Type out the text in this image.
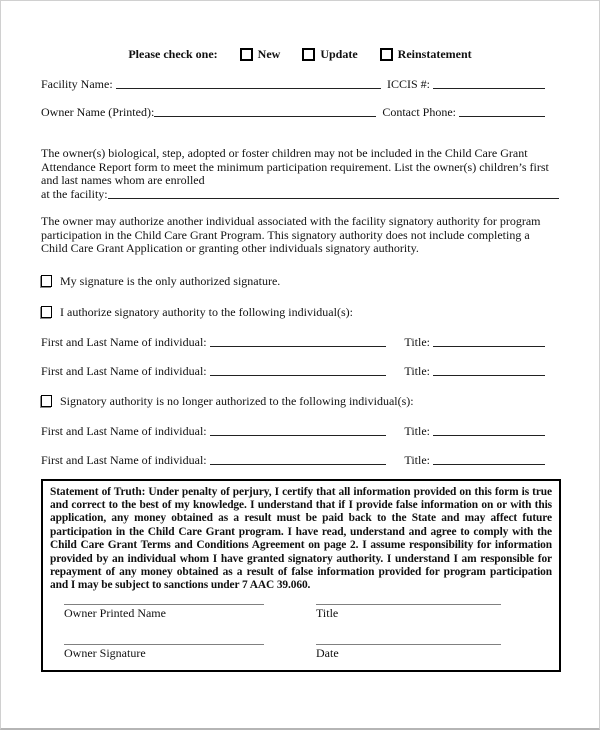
Please check one:	New	Update	Reinstatement
Facility Name:	ICCIS #:
Owner Name (Printed):	Contact Phone:
The owner(s) biological, step, adopted or foster children may not be included in the Child Care Grant Attendance Report form to meet the minimum participation requirement. List the owner(s) children’s first and last names whom are enrolled
at the facility:
The owner may authorize another individual associated with the facility signatory authority for program participation in the Child Care Grant Program. This signatory authority does not include completing a Child Care Grant Application or granting other individuals signatory authority.
My signature is the only authorized signature.
I authorize signatory authority to the following individual(s):
First and Last Name of individual:	Title:
First and Last Name of individual:	Title:
Signatory authority is no longer authorized to the following individual(s):
First and Last Name of individual:	Title:
First and Last Name of individual:	Title:
Statement of Truth: Under penalty of perjury, I certify that all information provided on this form is true and correct to the best of my knowledge. I understand that if I provide false information on or with this application, any money obtained as a result must be paid back to the State and may affect future participation in the Child Care Grant program. I have read, understand and agree to comply with the Child Care Grant Terms and Conditions Agreement on page 2. I assume responsibility for information provided by an individual whom I have granted signatory authority. I understand I am responsible for repayment of any money obtained as a result of false information provided for program participation and I may be subject to sanctions under 7 AAC 39.060.
Owner Printed Name	Title
Owner Signature	Date
